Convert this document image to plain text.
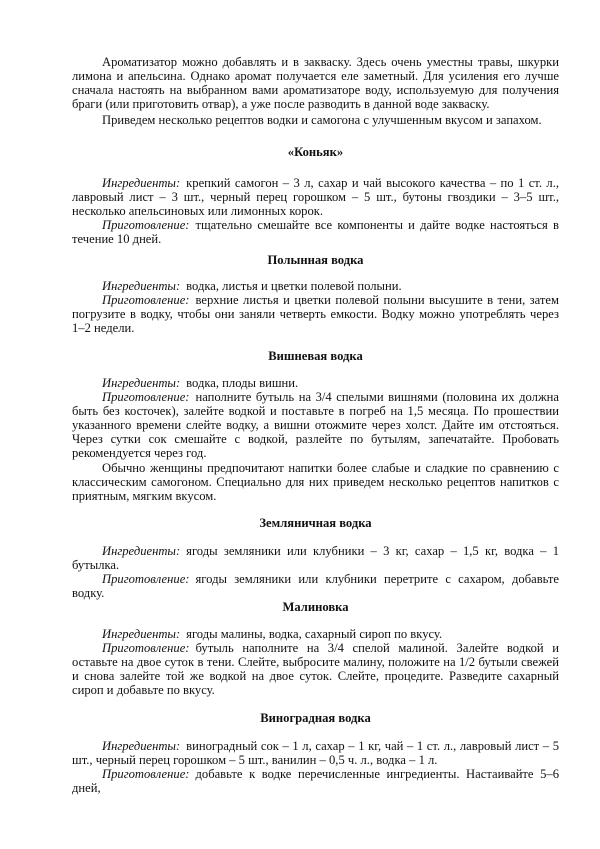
Ароматизатор можно добавлять и в закваску. Здесь очень уместны травы, шкурки лимона и апельсина. Однако аромат получается еле заметный. Для усиления его лучше сначала настоять на выбранном вами ароматизаторе воду, используемую для получения браги (или приготовить отвар), а уже после разводить в данной воде закваску.

Приведем несколько рецептов водки и самогона с улучшенным вкусом и запахом.

«Коньяк»

Ингредиенты: крепкий самогон – 3 л, сахар и чай высокого качества – по 1 ст. л., лавровый лист – 3 шт., черный перец горошком – 5 шт., бутоны гвоздики – 3–5 шт., несколько апельсиновых или лимонных корок.

Приготовление: тщательно смешайте все компоненты и дайте водке настояться в течение 10 дней.

Полынная водка

Ингредиенты: водка, листья и цветки полевой полыни.

Приготовление: верхние листья и цветки полевой полыни высушите в тени, затем погрузите в водку, чтобы они заняли четверть емкости. Водку можно употреблять через 1–2 недели.

Вишневая водка

Ингредиенты: водка, плоды вишни.

Приготовление: наполните бутыль на 3/4 спелыми вишнями (половина их должна быть без косточек), залейте водкой и поставьте в погреб на 1,5 месяца. По прошествии указанного времени слейте водку, а вишни отожмите через холст. Дайте им отстояться. Через сутки сок смешайте с водкой, разлейте по бутылям, запечатайте. Пробовать рекомендуется через год.

Обычно женщины предпочитают напитки более слабые и сладкие по сравнению с классическим самогоном. Специально для них приведем несколько рецептов напитков с приятным, мягким вкусом.

Земляничная водка

Ингредиенты: ягоды земляники или клубники – 3 кг, сахар – 1,5 кг, водка – 1 бутылка.

Приготовление: ягоды земляники или клубники перетрите с сахаром, добавьте водку.

Малиновка

Ингредиенты: ягоды малины, водка, сахарный сироп по вкусу.

Приготовление: бутыль наполните на 3/4 спелой малиной. Залейте водкой и оставьте на двое суток в тени. Слейте, выбросите малину, положите на 1/2 бутыли свежей и снова залейте той же водкой на двое суток. Слейте, процедите. Разведите сахарный сироп и добавьте по вкусу.

Виноградная водка

Ингредиенты: виноградный сок – 1 л, сахар – 1 кг, чай – 1 ст. л., лавровый лист – 5 шт., черный перец горошком – 5 шт., ванилин – 0,5 ч. л., водка – 1 л.

Приготовление: добавьте к водке перечисленные ингредиенты. Настаивайте 5–6 дней,
